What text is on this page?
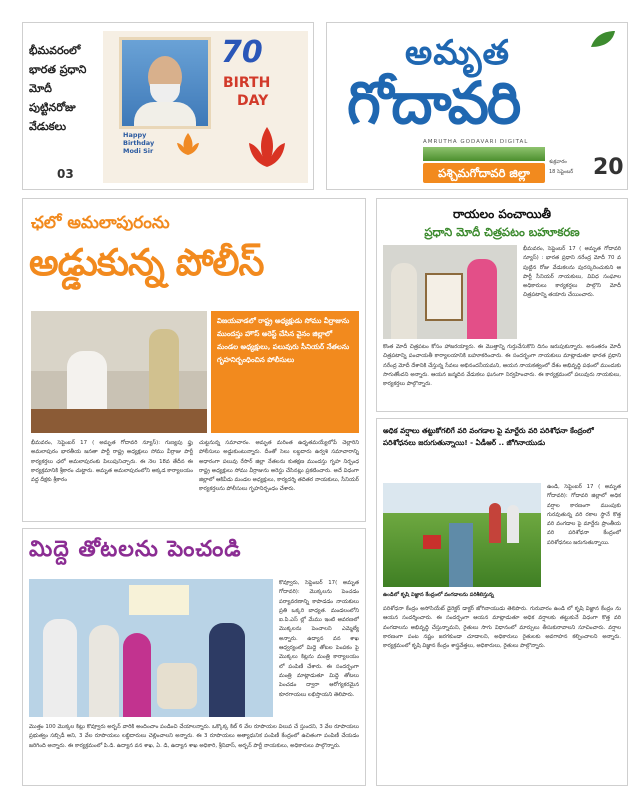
భీమవరంలో
భారత ప్రధాని
మోదీ
పుట్టినరోజు
వేడుకలు
03
Happy
Birthday
Modi Sir
70
BIRTH
DAY
అమృత
గోదావరి
AMRUTHA GODAVARI DIGITAL
పశ్చిమగోదావరి జిల్లా
శుక్రవారం
18 సెప్టెంబర్ 20
ఛలో అమలాపురంను
అడ్డుకున్న పోలీస్
విజయవాడలో రాష్ట్ర అధ్యక్షుడు సోము వీర్రాజును ముందస్తు హౌస్ అరెస్ట్ చేసిన వైనం జిల్లాలో మండల అధ్యక్షులు, పలువురు సీనియర్ నేతలను గృహనిర్బంధించిన పోలీసులు
భీమవరం, సెప్టెంబర్ 17 ( అమృత గోదావరి న్యూస్): గుణ్యపు ఫ్తు అమలాపురం భారతీయ జనతా పార్టీ రాష్ట్ర అధ్యక్షులు సోము వీర్రాజు పార్టీ కార్యకర్తలు ఛలో అమలాపురంకు పిలుపునిచ్చారు. ఈ నెల 18వ తేదీన ఈ కార్యక్రమానికి శ్రీకారం చుట్టారు. అమృత అమలాపురంలోని అక్కడ కార్యాలయం వద్ద దీక్షకు శ్రీకారం
చుట్టనున్న సమాచారం. అమృత మరింత ఉధృతమయ్యేలోపే చెల్లారిని పోలీసులు అడ్డుకుంటున్నారు. దీంతో సెలు లబ్ధదారు ఉర్వశి సమాచారాన్ని అధారంగా పలువు రేసార్ జిల్లా నేతలను కుతక్షణ ముందస్తు గృహ నిర్బంధ రాష్ట్ర అధ్యక్షులు సోము వీర్రాజును అరెస్టు చేసినట్లు ప్రకటించారు. అదే విధంగా జిల్లాలో ఆకివీడు మండల అధ్యక్షులు, కార్యదర్శి తదితర నాయకులు, సీనియర్ కార్యకర్తలను పోలీసులు గృహనిర్బంధం చేశారు.
మిద్దె తోటలను పెంచండి
కొవ్వూరు, సెప్టెంబర్ 17( అమృత గోదావరి): మొక్కలను పెంచడం పర్యావరణాన్ని కాపాడడం నాయకులు ప్రతి ఒక్కరి బాధ్యత. మండలంలోని ఐ.పి.ఎస్ ల్లో మేము ఇంటి ఆవరణలో మొక్కలను పెంచాలని ఎమ్మెల్యే అన్నారు. ఉద్యాన వన శాఖ ఆధ్వర్యంలో మిద్దె తోటల పెంపకం పై మొక్కలు కిట్లను మంత్రి కార్యాలయం లో పంపిణీ చేశారు. ఈ సందర్భంగా మంత్రి మాట్లాడుతూ మిద్దె తోటలు పెంచడం ద్వారా ఆరోగ్యకరమైన కూరగాయలు లభిస్తాయని తెలిపారు.
మొత్తం 100 మొక్కల కిట్లు కొవ్వూరు అర్బన్ వారికి అందించాం పండించి చేయాలన్నారు. ఒక్కొక్క కిట్ 6 వేల రూపాయల విలువ చే స్తుందని, 3 వేల రూపాయలు ప్రభుత్వం సబ్సిడీ అని, 3 వేల రూపాయలు లబ్ధిదారులు చెల్లించాలని అన్నారు. ఈ 3 రూపాయలు అత్యాధునిక పంపిణీ కేంద్రంలో ఉచితంగా పంపిణీ చేయడం జరిగింది అన్నారు. ఈ కార్యక్రమంలో పి.డి. ఉద్యాన వన శాఖ, ఏ. డి, ఉద్యాన శాఖ అధికారి, శ్రీనివాస్, అర్బన్ పార్టీ నాయకులు, అధికారులు పాల్గొన్నారు.
రాయలం పంచాయితీ
ప్రధాని మోదీ చిత్రపటం బహూకరణ
భీమవరం, సెప్టెంబర్ 17 ( అమృత గోదావరి న్యూస్) : భారత ప్రధాని నరేంద్ర మోదీ 70 వ పుట్టిన రోజు వేడుకలను పురస్కరించుకుని ఆ పార్టీ సీనియర్ నాయకులు, వివిధ సంఘాల అధికారులు కార్యకర్తలు పాల్గొని మోదీ చిత్రపటాన్ని తయారు చేయించారు.
కొంత మోదీ చిత్రపటం కోసం హాజరయ్యారు. ఈ మొత్తాన్ని గుర్తుచేసుకొని దినం జరుపుకున్నారు. అనంతరం మోదీ చిత్రపటాన్ని పంచాయతీ కార్యాలయానికి బహూకరించారు. ఈ సందర్భంగా నాయకులు మాట్లాడుతూ భారత ప్రధాని నరేంద్ర మోదీ దేశానికి చేస్తున్న సేవలు అభినందనీయమని, ఆయన నాయకత్వంలో దేశం అభివృద్ధి పథంలో ముందుకు సాగుతోందని అన్నారు. ఆయన జన్మదిన వేడుకలు ఘనంగా నిర్వహించారు. ఈ కార్యక్రమంలో పలువురు నాయకులు, కార్యకర్తలు పాల్గొన్నారు.
అధిక వర్షాలు తట్టుకోగలిగే వరి వంగడాల పై మార్టేరు వరి పరిశోధనా కేంద్రంలో పరిశోధనలు జరుగుతున్నాయి! - ఏడీఆర్ .. జోగినాయుడు
ఉండి, సెప్టెంబర్ 17 ( అమృత గోదావరి): గోదావరి జిల్లాలో అధిక వర్షాల కారణంగా ముంపుకు గురవుతున్న వరి రకాల స్థానే కొత్త వరి వంగడాల పై మార్టేరు ప్రాంతీయ వరి పరిశోధనా కేంద్రంలో పరిశోధనలు జరుగుతున్నాయి.
ఉండిలో కృషి విజ్ఞాన కేంద్రంలో వంగడాలను పరిశీలిస్తున్న
పరిశోధనా కేంద్రం అసోసియేట్ డైరెక్టర్ డాక్టర్ జోగినాయుడు తెలిపారు. గురువారం ఉండి లో కృషి విజ్ఞాన కేంద్రం ను ఆయన సందర్శించారు. ఈ సందర్భంగా ఆయన మాట్లాడుతూ అధిక వర్షాలకు తట్టుకునే విధంగా కొత్త వరి వంగడాలను అభివృద్ధి చేస్తున్నామని, రైతులు సాగు విధానంలో మార్పులు తీసుకురావాలని సూచించారు. వర్షాల కారణంగా పంట నష్టం జరగకుండా చూడాలని, అధికారులు రైతులకు అవగాహన కల్పించాలని అన్నారు. కార్యక్రమంలో కృషి విజ్ఞాన కేంద్రం శాస్త్రవేత్తలు, అధికారులు, రైతులు పాల్గొన్నారు.
